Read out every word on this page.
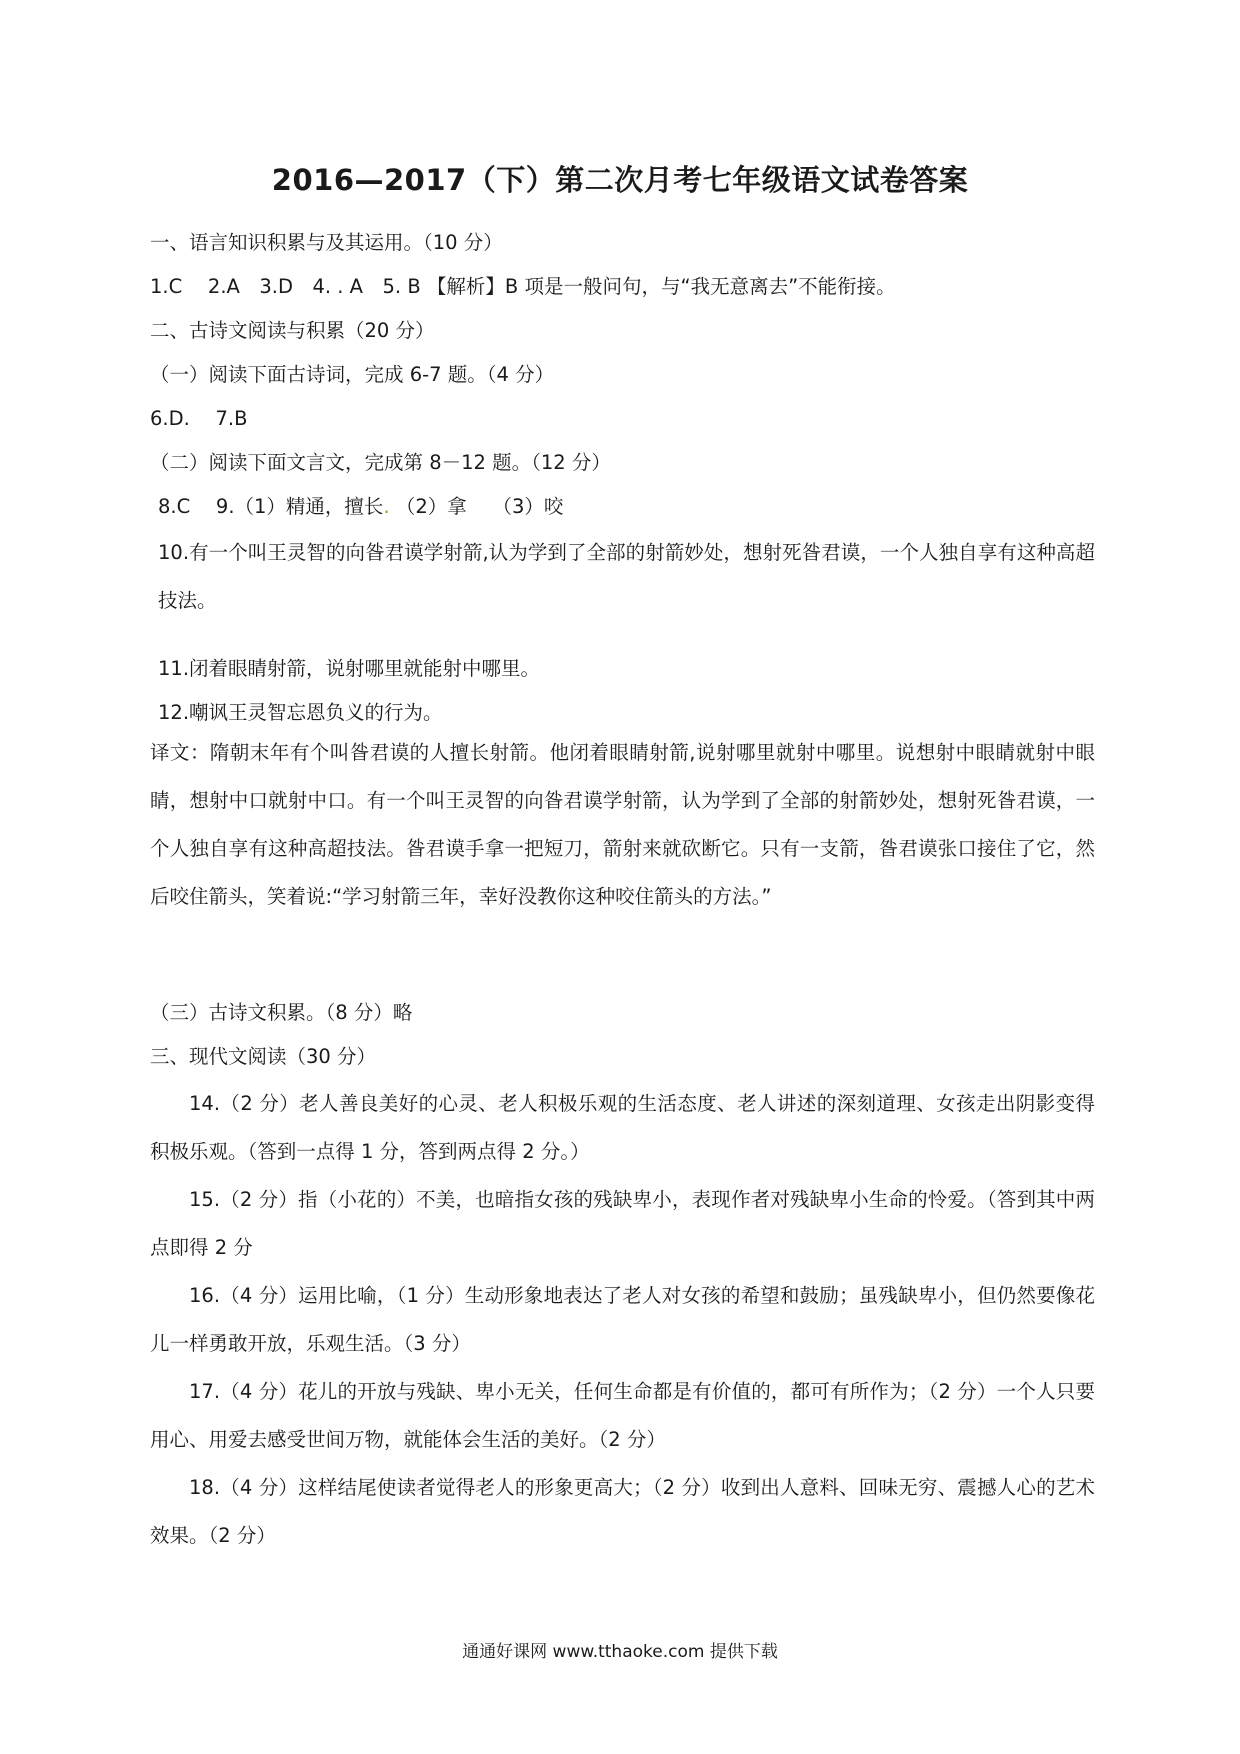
2016—2017（下）第二次月考七年级语文试卷答案
一、语言知识积累与及其运用。（10 分）
1.C　 2.A　3.D　4. . A　5. B 【解析】B 项是一般问句，与“我无意离去”不能衔接。
二、古诗文阅读与积累（20 分）
（一）阅读下面古诗词，完成 6-7 题。（4 分）
6.D.　 7.B
（二）阅读下面文言文，完成第 8－12 题。（12 分）
8.C　 9.（1）精通，擅长. （2）拿　 （3）咬
10.有一个叫王灵智的向昝君谟学射箭,认为学到了全部的射箭妙处，想射死昝君谟，一个人独自享有这种高超技法。
11.闭着眼睛射箭，说射哪里就能射中哪里。
12.嘲讽王灵智忘恩负义的行为。
译文：隋朝末年有个叫昝君谟的人擅长射箭。他闭着眼睛射箭,说射哪里就射中哪里。说想射中眼睛就射中眼睛，想射中口就射中口。有一个叫王灵智的向昝君谟学射箭，认为学到了全部的射箭妙处，想射死昝君谟，一个人独自享有这种高超技法。昝君谟手拿一把短刀，箭射来就砍断它。只有一支箭，昝君谟张口接住了它，然后咬住箭头，笑着说:“学习射箭三年，幸好没教你这种咬住箭头的方法。”
（三）古诗文积累。（8 分）略
三、现代文阅读（30 分）
14.（2 分）老人善良美好的心灵、老人积极乐观的生活态度、老人讲述的深刻道理、女孩走出阴影变得积极乐观。（答到一点得 1 分，答到两点得 2 分。）
15.（2 分）指（小花的）不美，也暗指女孩的残缺卑小，表现作者对残缺卑小生命的怜爱。（答到其中两点即得 2 分
16.（4 分）运用比喻，（1 分）生动形象地表达了老人对女孩的希望和鼓励；虽残缺卑小，但仍然要像花儿一样勇敢开放，乐观生活。（3 分）
17.（4 分）花儿的开放与残缺、卑小无关，任何生命都是有价值的，都可有所作为；（2 分）一个人只要用心、用爱去感受世间万物，就能体会生活的美好。（2 分）
18.（4 分）这样结尾使读者觉得老人的形象更高大；（2 分）收到出人意料、回味无穷、震撼人心的艺术效果。（2 分）
通通好课网 www.tthaoke.com 提供下载
